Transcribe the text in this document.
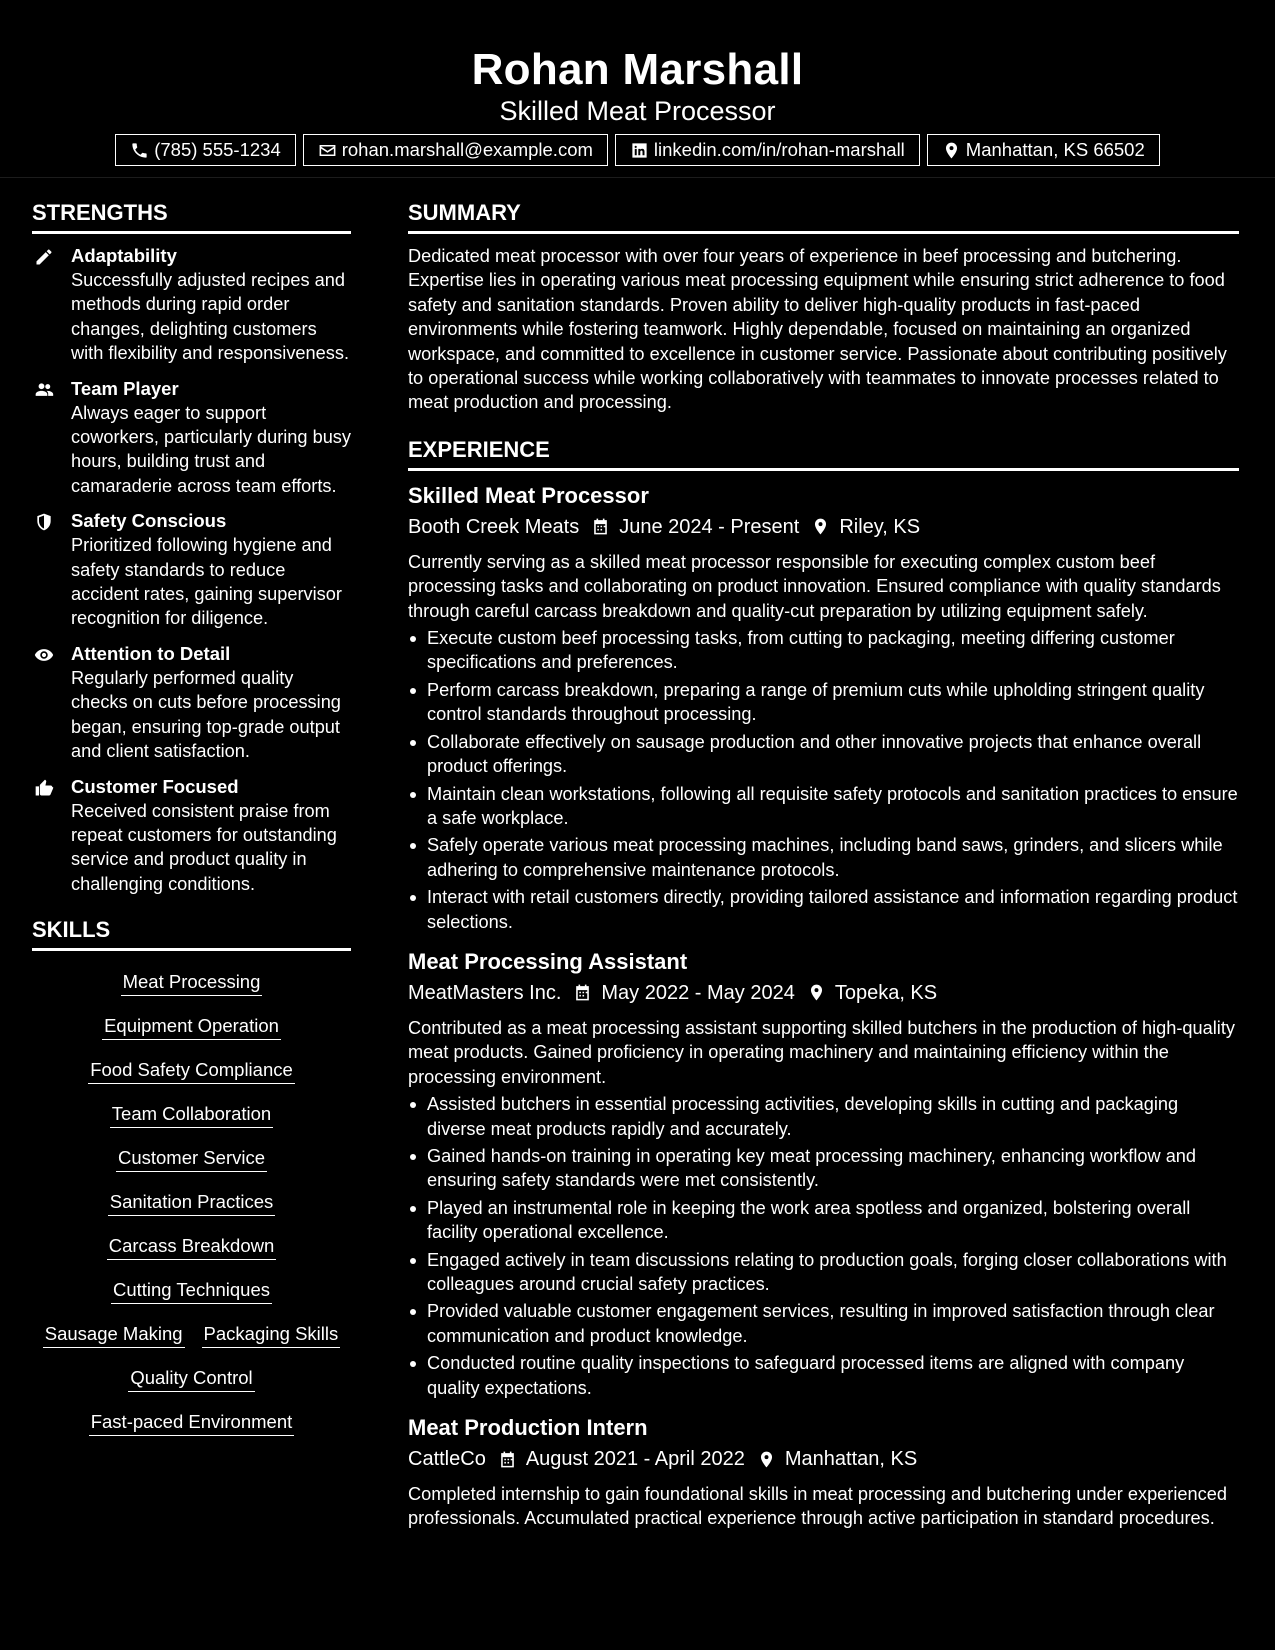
Rohan Marshall
Skilled Meat Processor
(785) 555-1234	rohan.marshall@example.com	linkedin.com/in/rohan-marshall	Manhattan, KS 66502
STRENGTHS
Adaptability
Successfully adjusted recipes and methods during rapid order changes, delighting customers with flexibility and responsiveness.
Team Player
Always eager to support coworkers, particularly during busy hours, building trust and camaraderie across team efforts.
Safety Conscious
Prioritized following hygiene and safety standards to reduce accident rates, gaining supervisor recognition for diligence.
Attention to Detail
Regularly performed quality checks on cuts before processing began, ensuring top-grade output and client satisfaction.
Customer Focused
Received consistent praise from repeat customers for outstanding service and product quality in challenging conditions.
SKILLS
Meat Processing
Equipment Operation
Food Safety Compliance
Team Collaboration
Customer Service
Sanitation Practices
Carcass Breakdown
Cutting Techniques
Sausage Making Packaging Skills
Quality Control
Fast-paced Environment
SUMMARY
Dedicated meat processor with over four years of experience in beef processing and butchering. Expertise lies in operating various meat processing equipment while ensuring strict adherence to food safety and sanitation standards. Proven ability to deliver high-quality products in fast-paced environments while fostering teamwork. Highly dependable, focused on maintaining an organized workspace, and committed to excellence in customer service. Passionate about contributing positively to operational success while working collaboratively with teammates to innovate processes related to meat production and processing.
EXPERIENCE
Skilled Meat Processor
Booth Creek Meats June 2024 - Present Riley, KS
Currently serving as a skilled meat processor responsible for executing complex custom beef processing tasks and collaborating on product innovation. Ensured compliance with quality standards through careful carcass breakdown and quality-cut preparation by utilizing equipment safely.
Execute custom beef processing tasks, from cutting to packaging, meeting differing customer specifications and preferences.
Perform carcass breakdown, preparing a range of premium cuts while upholding stringent quality control standards throughout processing.
Collaborate effectively on sausage production and other innovative projects that enhance overall product offerings.
Maintain clean workstations, following all requisite safety protocols and sanitation practices to ensure a safe workplace.
Safely operate various meat processing machines, including band saws, grinders, and slicers while adhering to comprehensive maintenance protocols.
Interact with retail customers directly, providing tailored assistance and information regarding product selections.
Meat Processing Assistant
MeatMasters Inc. May 2022 - May 2024 Topeka, KS
Contributed as a meat processing assistant supporting skilled butchers in the production of high-quality meat products. Gained proficiency in operating machinery and maintaining efficiency within the processing environment.
Assisted butchers in essential processing activities, developing skills in cutting and packaging diverse meat products rapidly and accurately.
Gained hands-on training in operating key meat processing machinery, enhancing workflow and ensuring safety standards were met consistently.
Played an instrumental role in keeping the work area spotless and organized, bolstering overall facility operational excellence.
Engaged actively in team discussions relating to production goals, forging closer collaborations with colleagues around crucial safety practices.
Provided valuable customer engagement services, resulting in improved satisfaction through clear communication and product knowledge.
Conducted routine quality inspections to safeguard processed items are aligned with company quality expectations.
Meat Production Intern
CattleCo August 2021 - April 2022 Manhattan, KS
Completed internship to gain foundational skills in meat processing and butchering under experienced professionals. Accumulated practical experience through active participation in standard procedures.
